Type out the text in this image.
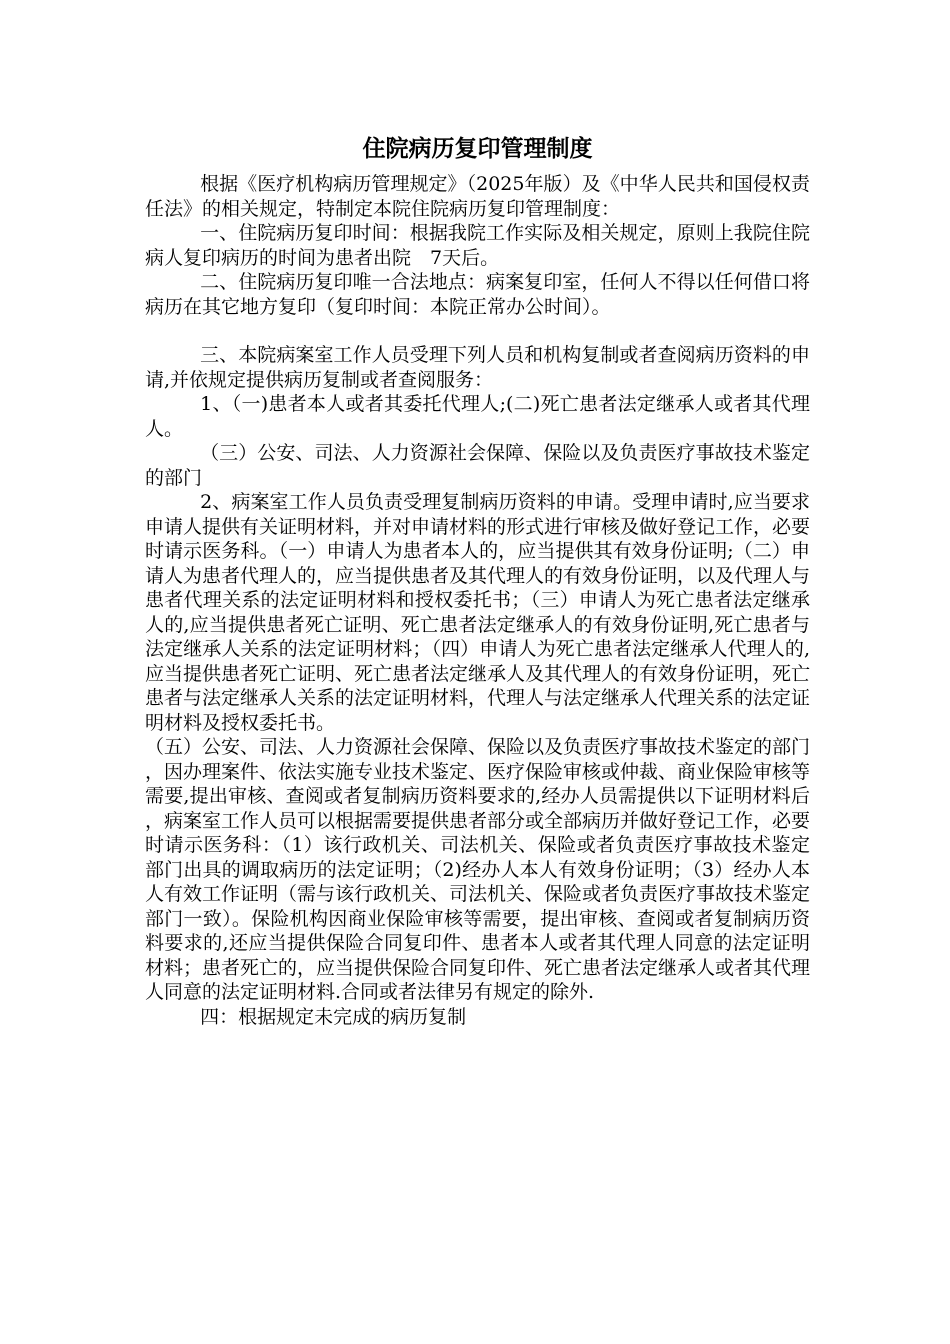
住院病历复印管理制度

根据《医疗机构病历管理规定》（2025年版）及《中华人民共和国侵权责任法》的相关规定，特制定本院住院病历复印管理制度：

一、住院病历复印时间：根据我院工作实际及相关规定，原则上我院住院病人复印病历的时间为患者出院　7天后。

二、住院病历复印唯一合法地点：病案复印室，任何人不得以任何借口将病历在其它地方复印（复印时间：本院正常办公时间）。

三、本院病案室工作人员受理下列人员和机构复制或者查阅病历资料的申请,并依规定提供病历复制或者查阅服务：

1、（一)患者本人或者其委托代理人;(二)死亡患者法定继承人或者其代理人。

（三）公安、司法、人力资源社会保障、保险以及负责医疗事故技术鉴定的部门

2、病案室工作人员负责受理复制病历资料的申请。受理申请时,应当要求申请人提供有关证明材料，并对申请材料的形式进行审核及做好登记工作，必要时请示医务科。（一）申请人为患者本人的，应当提供其有效身份证明;（二）申请人为患者代理人的，应当提供患者及其代理人的有效身份证明，以及代理人与患者代理关系的法定证明材料和授权委托书；（三）申请人为死亡患者法定继承人的,应当提供患者死亡证明、死亡患者法定继承人的有效身份证明,死亡患者与法定继承人关系的法定证明材料；（四）申请人为死亡患者法定继承人代理人的,应当提供患者死亡证明、死亡患者法定继承人及其代理人的有效身份证明，死亡患者与法定继承人关系的法定证明材料，代理人与法定继承人代理关系的法定证明材料及授权委托书。

（五）公安、司法、人力资源社会保障、保险以及负责医疗事故技术鉴定的部门，因办理案件、依法实施专业技术鉴定、医疗保险审核或仲裁、商业保险审核等需要,提出审核、查阅或者复制病历资料要求的,经办人员需提供以下证明材料后，病案室工作人员可以根据需要提供患者部分或全部病历并做好登记工作，必要时请示医务科：（1）该行政机关、司法机关、保险或者负责医疗事故技术鉴定部门出具的调取病历的法定证明；（2)经办人本人有效身份证明；（3）经办人本人有效工作证明（需与该行政机关、司法机关、保险或者负责医疗事故技术鉴定部门一致）。保险机构因商业保险审核等需要，提出审核、查阅或者复制病历资料要求的,还应当提供保险合同复印件、患者本人或者其代理人同意的法定证明材料；患者死亡的，应当提供保险合同复印件、死亡患者法定继承人或者其代理人同意的法定证明材料.合同或者法律另有规定的除外.

四：根据规定未完成的病历复制
